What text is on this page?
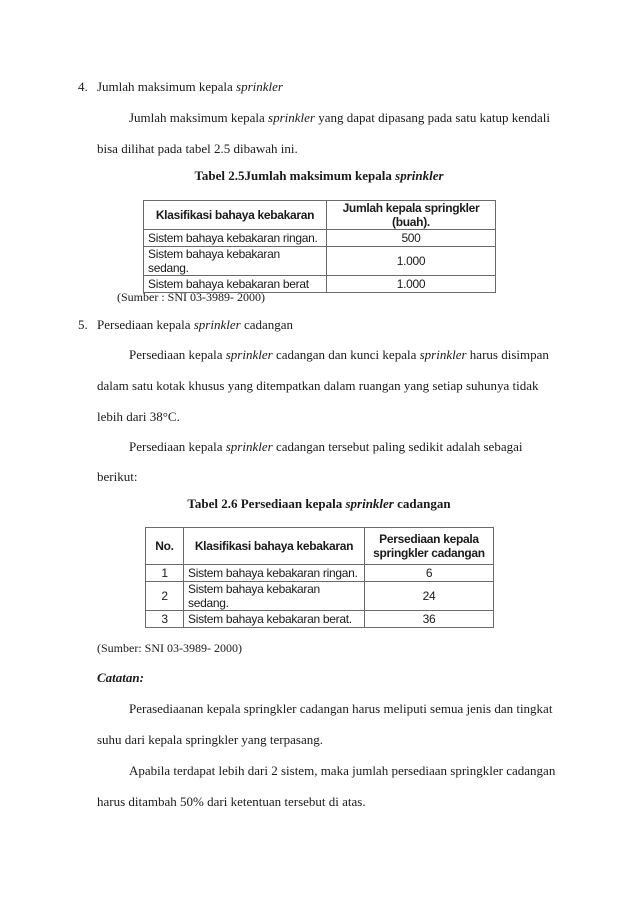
4. Jumlah maksimum kepala sprinkler
Jumlah maksimum kepala sprinkler yang dapat dipasang pada satu katup kendali
bisa dilihat pada tabel 2.5 dibawah ini.
Tabel 2.5Jumlah maksimum kepala sprinkler
Klasifikasi bahaya kebakaran	Jumlah kepala springkler (buah).
Sistem bahaya kebakaran ringan.	500
Sistem bahaya kebakaran sedang.	1.000
Sistem bahaya kebakaran berat	1.000
(Sumber : SNI 03-3989- 2000)
5. Persediaan kepala sprinkler cadangan
Persediaan kepala sprinkler cadangan dan kunci kepala sprinkler harus disimpan
dalam satu kotak khusus yang ditempatkan dalam ruangan yang setiap suhunya tidak
lebih dari 38°C.
Persediaan kepala sprinkler cadangan tersebut paling sedikit adalah sebagai
berikut:
Tabel 2.6 Persediaan kepala sprinkler cadangan
No.	Klasifikasi bahaya kebakaran	Persediaan kepala springkler cadangan
1	Sistem bahaya kebakaran ringan.	6
2	Sistem bahaya kebakaran sedang.	24
3	Sistem bahaya kebakaran berat.	36
(Sumber: SNI 03-3989- 2000)
Catatan:
Perasediaanan kepala springkler cadangan harus meliputi semua jenis dan tingkat
suhu dari kepala springkler yang terpasang.
Apabila terdapat lebih dari 2 sistem, maka jumlah persediaan springkler cadangan
harus ditambah 50% dari ketentuan tersebut di atas.
